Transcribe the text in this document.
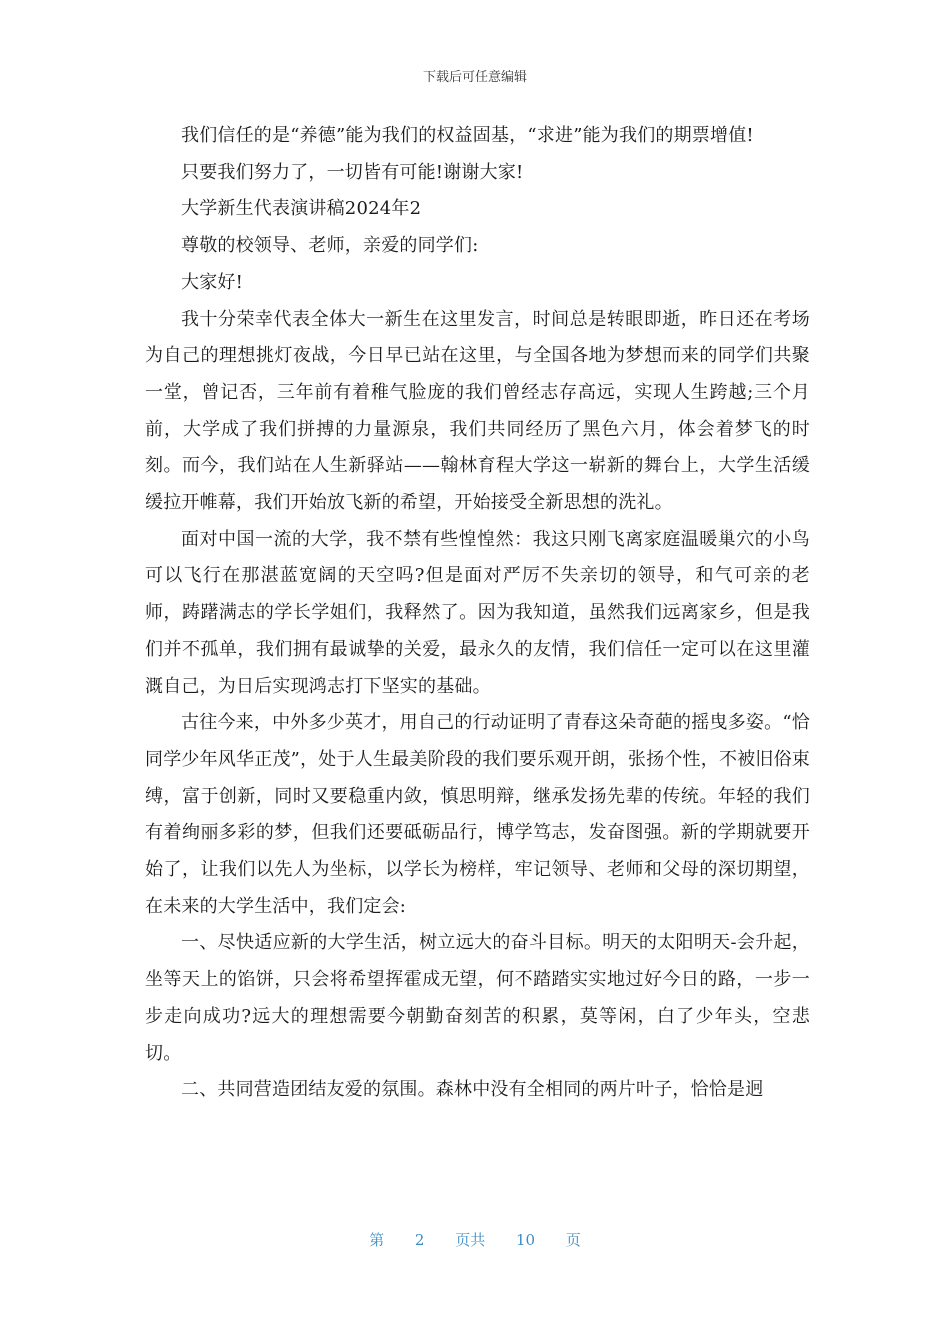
下载后可任意编辑

我们信任的是“养德”能为我们的权益固基，“求进”能为我们的期票增值!

只要我们努力了，一切皆有可能!谢谢大家!

大学新生代表演讲稿2024年2

尊敬的校领导、老师，亲爱的同学们:

大家好!

我十分荣幸代表全体大一新生在这里发言，时间总是转眼即逝，昨日还在考场为自己的理想挑灯夜战，今日早已站在这里，与全国各地为梦想而来的同学们共聚一堂，曾记否，三年前有着稚气脸庞的我们曾经志存高远，实现人生跨越;三个月前，大学成了我们拼搏的力量源泉，我们共同经历了黑色六月，体会着梦飞的时刻。而今，我们站在人生新驿站——翰林育程大学这一崭新的舞台上，大学生活缓缓拉开帷幕，我们开始放飞新的希望，开始接受全新思想的洗礼。

面对中国一流的大学，我不禁有些惶惶然：我这只刚飞离家庭温暖巢穴的小鸟可以飞行在那湛蓝宽阔的天空吗?但是面对严厉不失亲切的领导，和气可亲的老师，踌躇满志的学长学姐们，我释然了。因为我知道，虽然我们远离家乡，但是我们并不孤单，我们拥有最诚挚的关爱，最永久的友情，我们信任一定可以在这里灌溉自己，为日后实现鸿志打下坚实的基础。

古往今来，中外多少英才，用自己的行动证明了青春这朵奇葩的摇曳多姿。“恰同学少年风华正茂”，处于人生最美阶段的我们要乐观开朗，张扬个性，不被旧俗束缚，富于创新，同时又要稳重内敛，慎思明辩，继承发扬先辈的传统。年轻的我们有着绚丽多彩的梦，但我们还要砥砺品行，博学笃志，发奋图强。新的学期就要开始了，让我们以先人为坐标，以学长为榜样，牢记领导、老师和父母的深切期望，在未来的大学生活中，我们定会:

一、尽快适应新的大学生活，树立远大的奋斗目标。明天的太阳明天-会升起，坐等天上的馅饼，只会将希望挥霍成无望，何不踏踏实实地过好今日的路，一步一步走向成功?远大的理想需要今朝勤奋刻苦的积累，莫等闲，白了少年头，空悲切。

二、共同营造团结友爱的氛围。森林中没有全相同的两片叶子，恰恰是迥

第 2 页共 10 页
